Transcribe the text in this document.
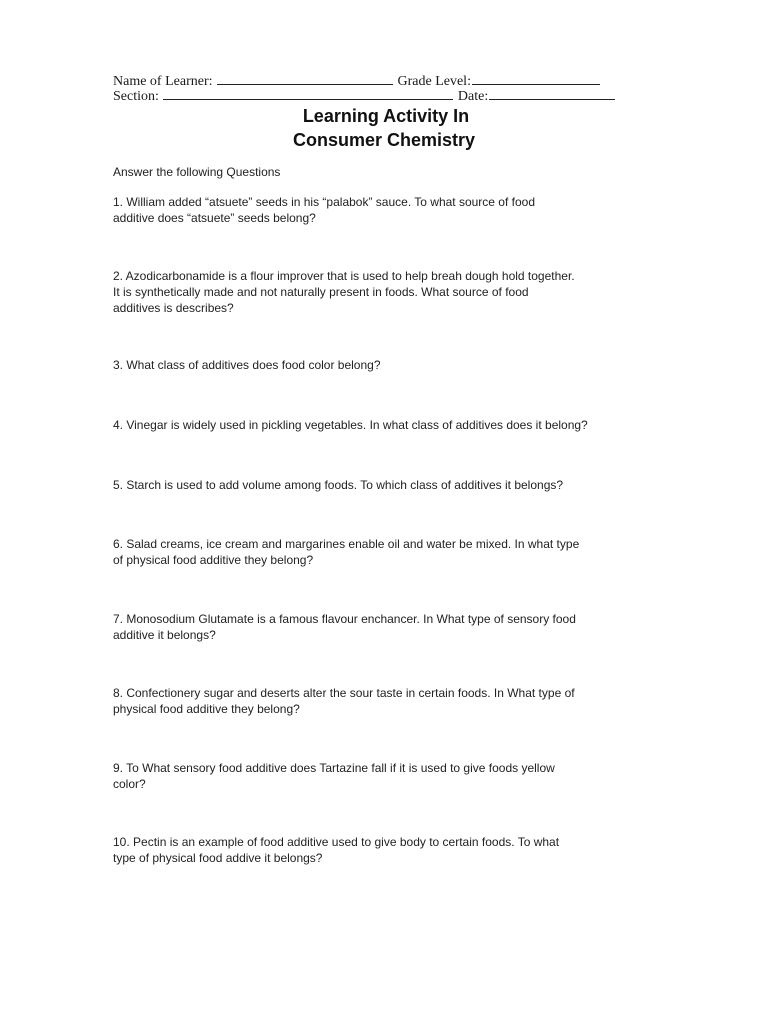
Name of Learner:	Grade Level:
Section:	Date:
Learning Activity In
Consumer Chemistry
Answer the following Questions
1. William added “atsuete” seeds in his “palabok” sauce. To what source of food
additive does “atsuete” seeds belong?
2. Azodicarbonamide is a flour improver that is used to help breah dough hold together.
It is synthetically made and not naturally present in foods. What source of food
additives is describes?
3. What class of additives does food color belong?
4. Vinegar is widely used in pickling vegetables. In what class of additives does it belong?
5. Starch is used to add volume among foods. To which class of additives it belongs?
6. Salad creams, ice cream and margarines enable oil and water be mixed. In what type
of physical food additive they belong?
7. Monosodium Glutamate is a famous flavour enchancer. In What type of sensory food
additive it belongs?
8. Confectionery sugar and deserts alter the sour taste in certain foods. In What type of
physical food additive they belong?
9. To What sensory food additive does Tartazine fall if it is used to give foods yellow
color?
10. Pectin is an example of food additive used to give body to certain foods. To what
type of physical food addive it belongs?
